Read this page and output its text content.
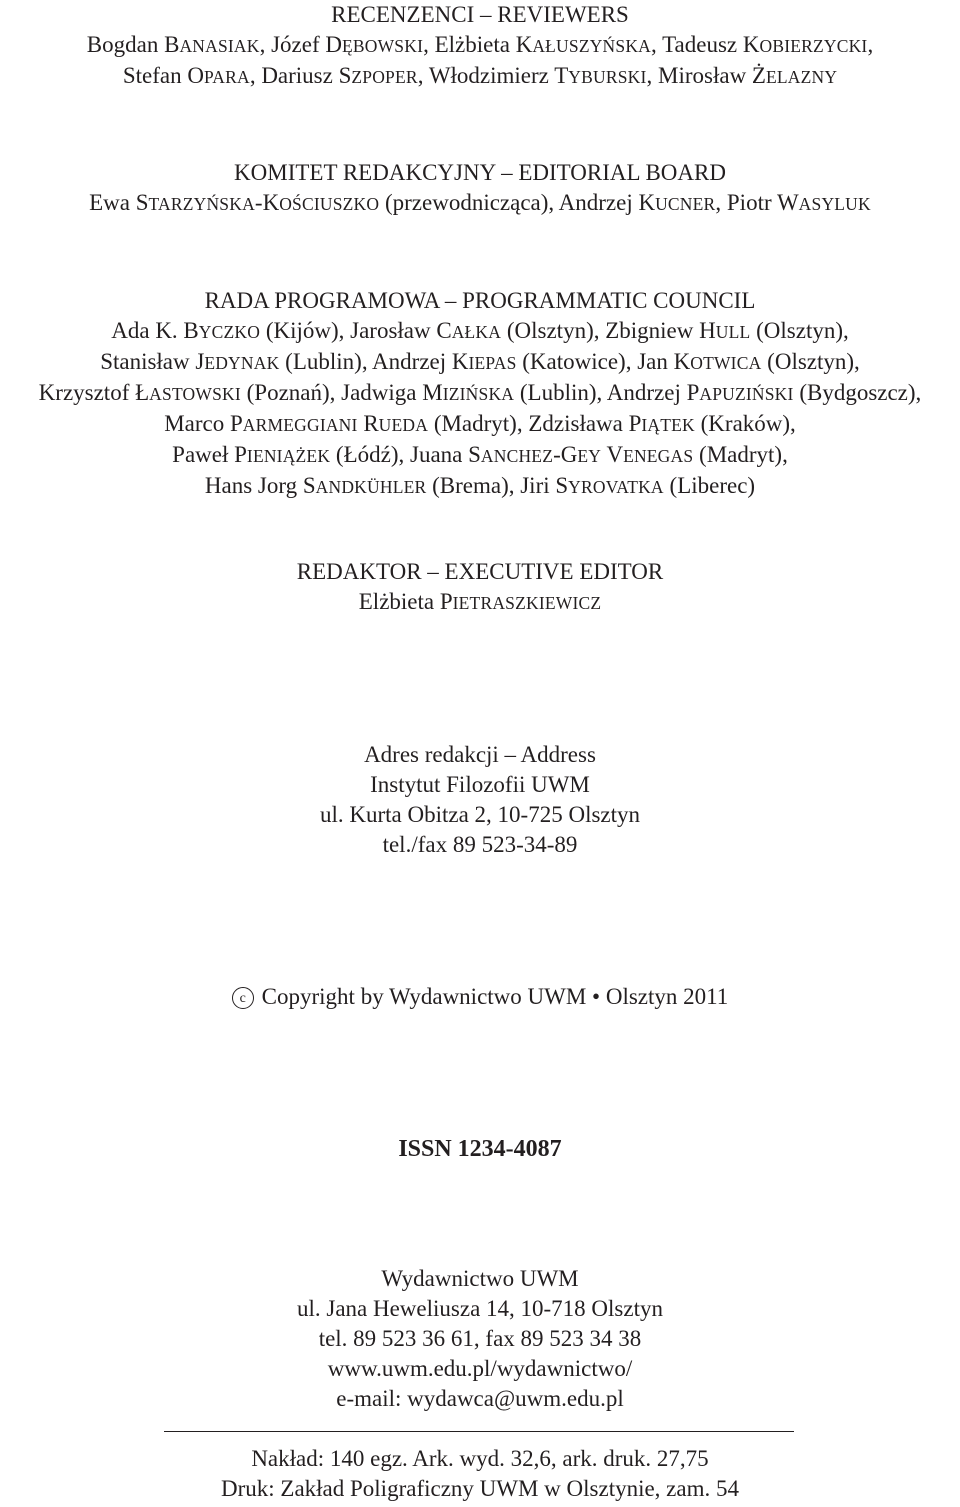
RECENZENCI – REVIEWERS
Bogdan BANASIAK, Józef DĘBOWSKI, Elżbieta KAŁUSZYŃSKA, Tadeusz KOBIERZYCKI,
Stefan OPARA, Dariusz SZPOPER, Włodzimierz TYBURSKI, Mirosław ŻELAZNY
KOMITET REDAKCYJNY – EDITORIAL BOARD
Ewa STARZYŃSKA-KOŚCIUSZKO (przewodnicząca), Andrzej KUCNER, Piotr WASYLUK
RADA PROGRAMOWA – PROGRAMMATIC COUNCIL
Ada K. BYCZKO (Kijów), Jarosław CAŁKA (Olsztyn), Zbigniew HULL (Olsztyn),
Stanisław JEDYNAK (Lublin), Andrzej KIEPAS (Katowice), Jan KOTWICA (Olsztyn),
Krzysztof ŁASTOWSKI (Poznań), Jadwiga MIZIŃSKA (Lublin), Andrzej PAPUZIŃSKI (Bydgoszcz),
Marco PARMEGGIANI RUEDA (Madryt), Zdzisława PIĄTEK (Kraków),
Paweł PIENIĄŻEK (Łódź), Juana SANCHEZ-GEY VENEGAS (Madryt),
Hans Jorg SANDKÜHLER (Brema), Jiri SYROVATKA (Liberec)
REDAKTOR – EXECUTIVE EDITOR
Elżbieta PIETRASZKIEWICZ
Adres redakcji – Address
Instytut Filozofii UWM
ul. Kurta Obitza 2, 10-725 Olsztyn
tel./fax 89 523-34-89
c Copyright by Wydawnictwo UWM • Olsztyn 2011
ISSN 1234-4087
Wydawnictwo UWM
ul. Jana Heweliusza 14, 10-718 Olsztyn
tel. 89 523 36 61, fax 89 523 34 38
www.uwm.edu.pl/wydawnictwo/
e-mail: wydawca@uwm.edu.pl
Nakład: 140 egz. Ark. wyd. 32,6, ark. druk. 27,75
Druk: Zakład Poligraficzny UWM w Olsztynie, zam. 54
